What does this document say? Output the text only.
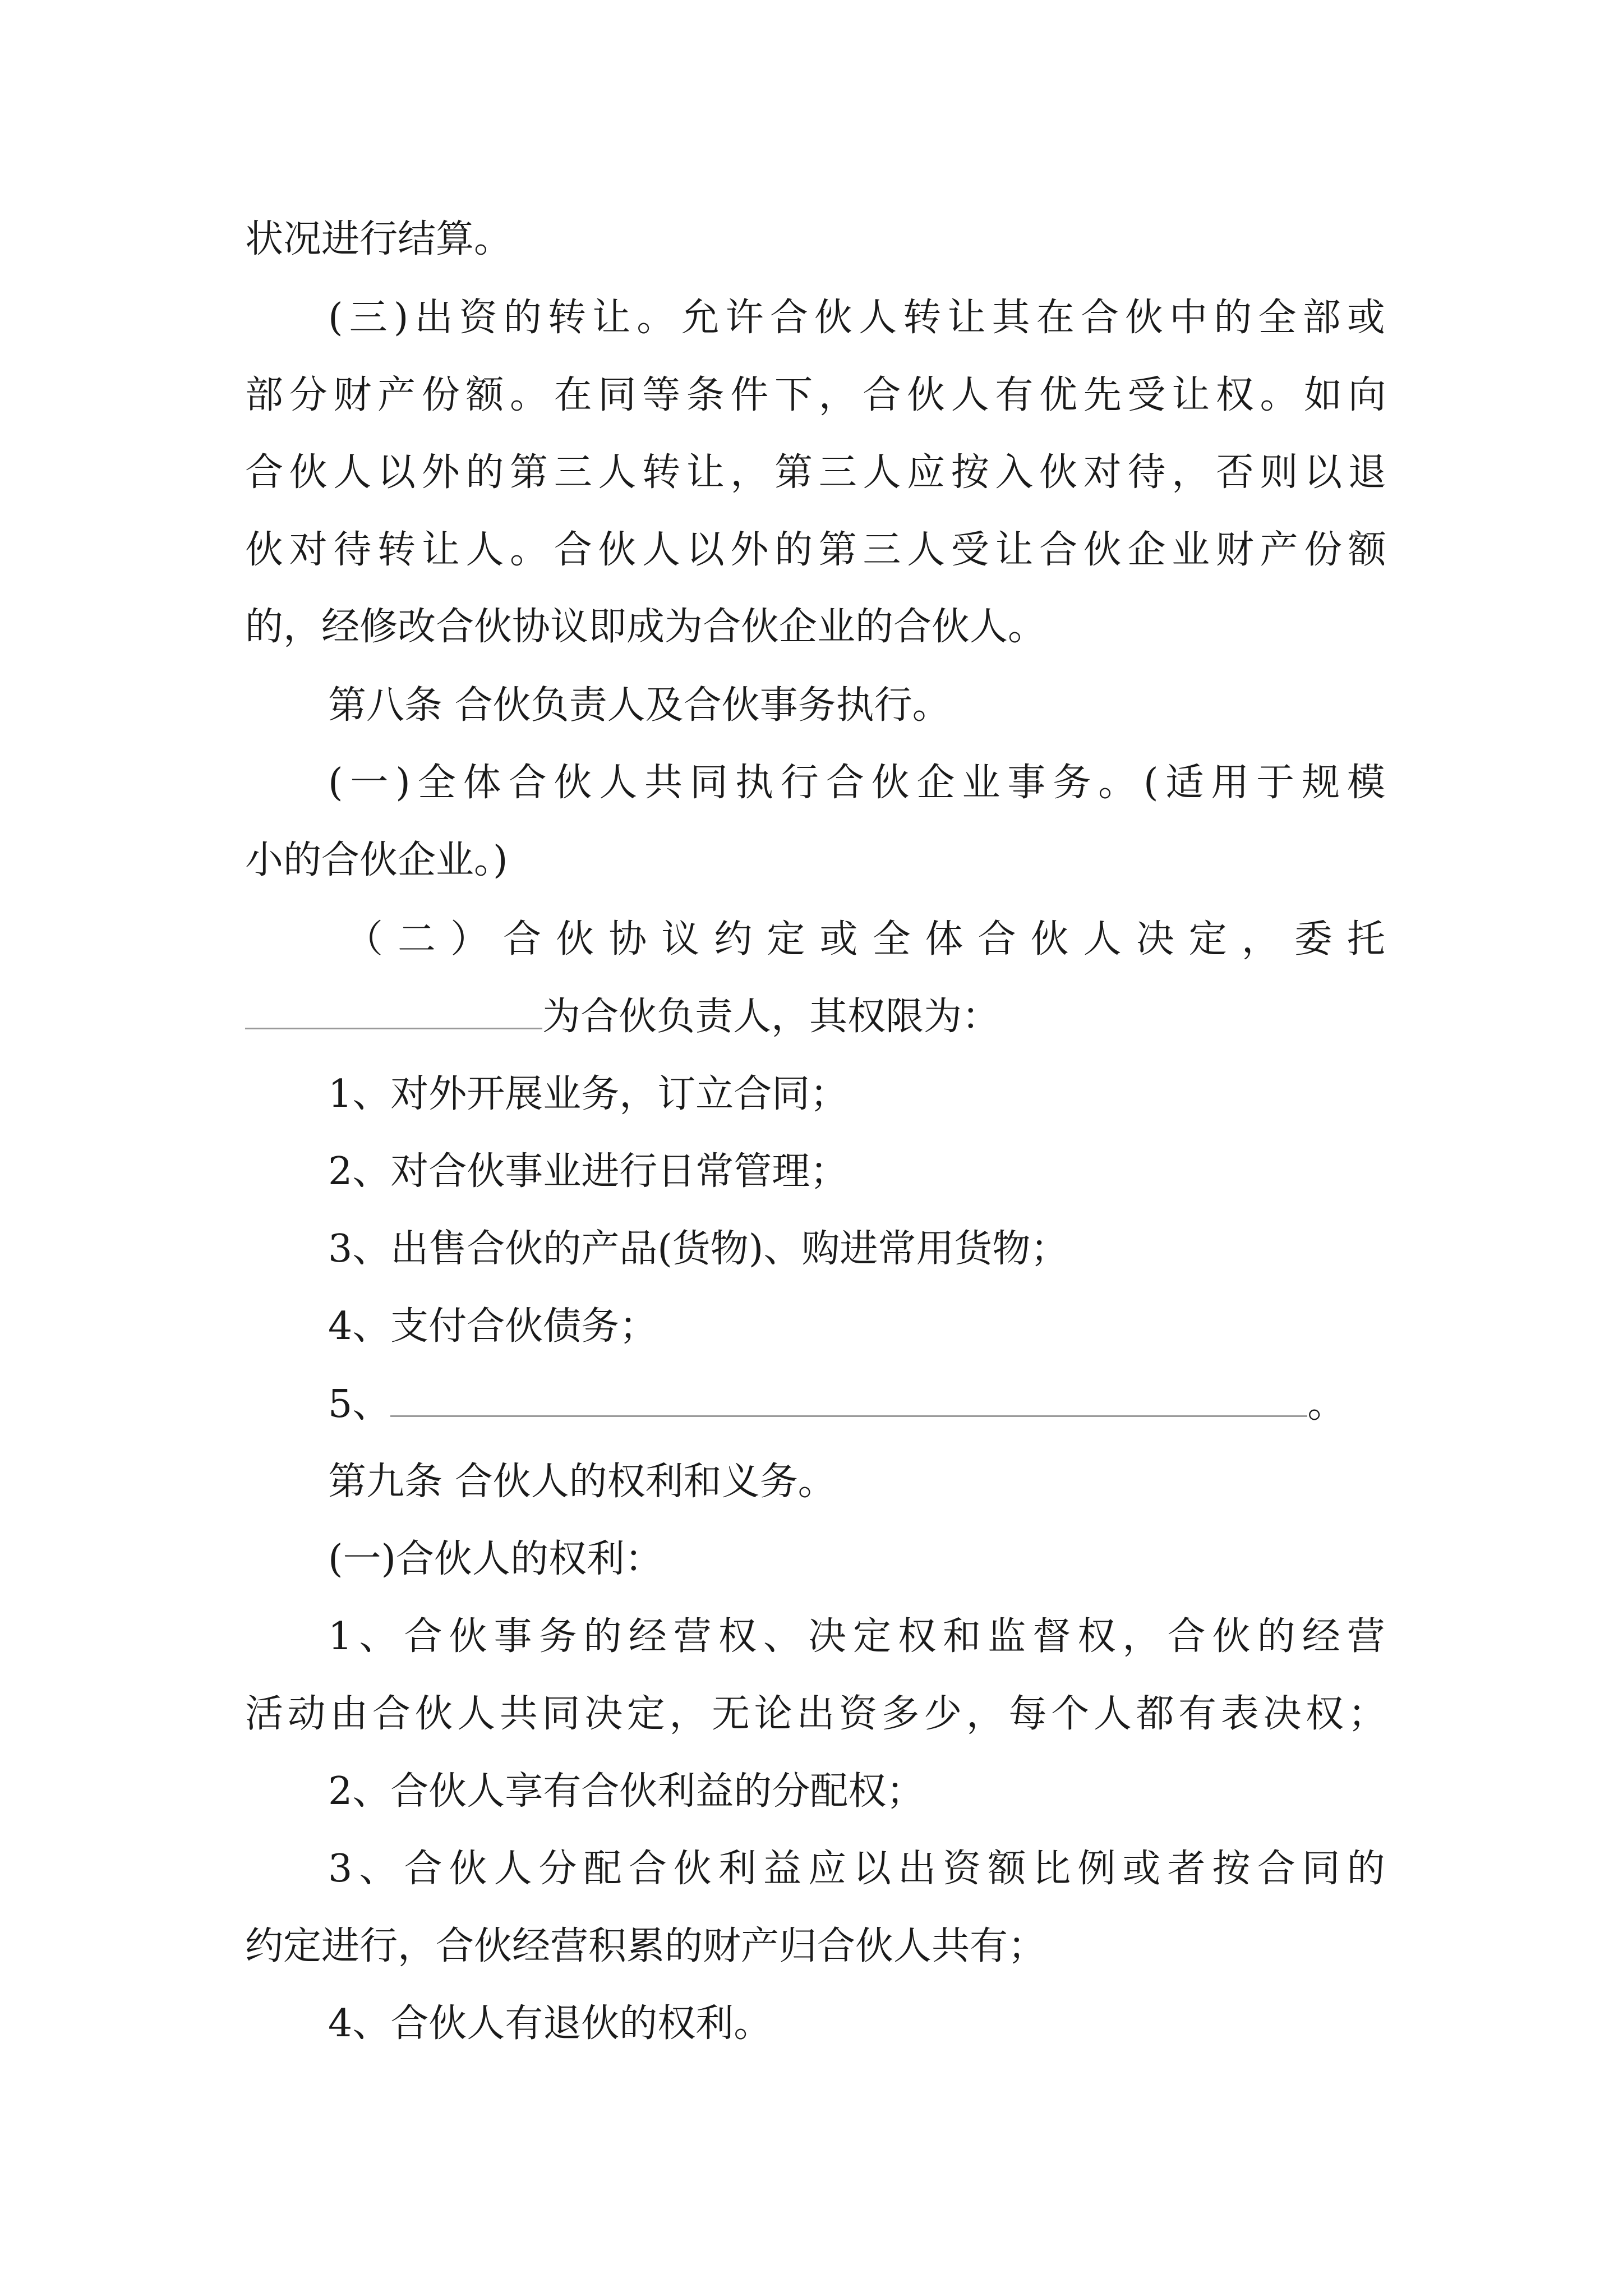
状况进行结算。
( 三 ) 出 资 的 转 让 。 允 许 合 伙 人 转 让 其 在 合 伙 中 的 全 部 或
部 分 财 产 份 额 。 在 同 等 条 件 下 ， 合 伙 人 有 优 先 受 让 权 。 如 向
合 伙 人 以 外 的 第 三 人 转 让 ， 第 三 人 应 按 入 伙 对 待 ， 否 则 以 退
伙 对 待 转 让 人 。 合 伙 人 以 外 的 第 三 人 受 让 合 伙 企 业 财 产 份 额
的，经修改合伙协议即成为合伙企业的合伙人。
第八条 合伙负责人及合伙事务执行。
( 一 ) 全 体 合 伙 人 共 同 执 行 合 伙 企 业 事 务 。 ( 适 用 于 规 模
小的合伙企业。)
（ 二 ） 合 伙 协 议 约 定 或 全 体 合 伙 人 决 定 ， 委 托
为合伙负责人，其权限为：
1、对外开展业务，订立合同；
2、对合伙事业进行日常管理；
3、出售合伙的产品(货物)、购进常用货物；
4、支付合伙债务；
5、	。
第九条 合伙人的权利和义务。
(一)合伙人的权利：
1 、 合 伙 事 务 的 经 营 权 、 决 定 权 和 监 督 权 ， 合 伙 的 经 营
活 动 由 合 伙 人 共 同 决 定 ， 无 论 出 资 多 少 ， 每 个 人 都 有 表 决 权 ；
2、合伙人享有合伙利益的分配权；
3 、 合 伙 人 分 配 合 伙 利 益 应 以 出 资 额 比 例 或 者 按 合 同 的
约定进行，合伙经营积累的财产归合伙人共有；
4、合伙人有退伙的权利。
